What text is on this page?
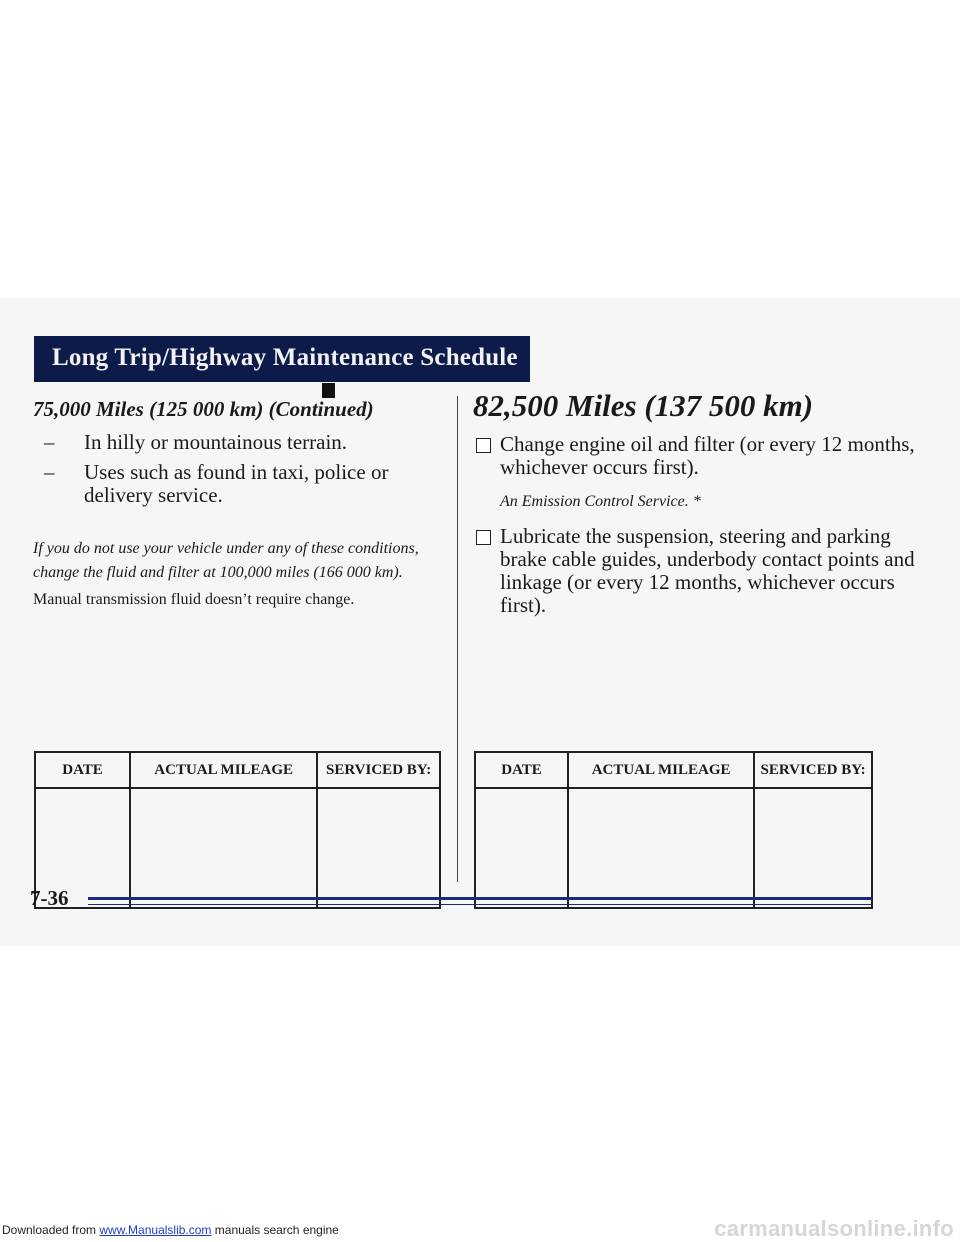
Long Trip/Highway Maintenance Schedule
75,000 Miles (125 000 km) (Continued)
– In hilly or mountainous terrain.
– Uses such as found in taxi, police or delivery service.
If you do not use your vehicle under any of these conditions, change the fluid and filter at 100,000 miles (166 000 km).
Manual transmission fluid doesn’t require change.
DATE	ACTUAL MILEAGE	SERVICED BY:

82,500 Miles (137 500 km)
Change engine oil and filter (or every 12 months, whichever occurs first).
An Emission Control Service. *
Lubricate the suspension, steering and parking brake cable guides, underbody contact points and linkage (or every 12 months, whichever occurs first).
DATE	ACTUAL MILEAGE	SERVICED BY:

7-36
Downloaded from www.Manualslib.com manuals search engine	carmanualsonline.info
